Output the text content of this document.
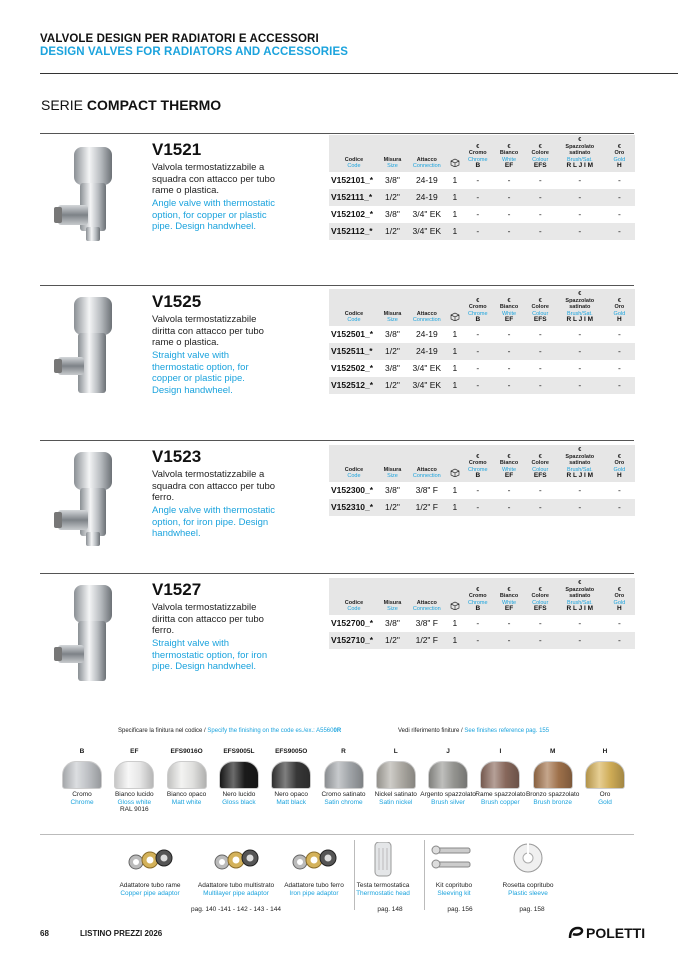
VALVOLE DESIGN PER RADIATORI E ACCESSORI
DESIGN VALVES FOR RADIATORS AND ACCESSORIES
SERIE COMPACT THERMO
V1521
Valvola termostatizzabile a squadra con attacco per tubo rame o plastica.
Angle valve with thermostatic option, for copper or plastic pipe. Design handwheel.
Codice
Code	Misura
Size	Attacco
Connection		€
Cromo
Chrome
B	€
Bianco
White
EF	€
Colore
Colour
EFS	€
Spazzolato satinato
Brush/Sat.
R L J I M	€
Oro
Gold
H

V152101_*	3/8"	24-19	1	-	-	-	-	-
V152111_*	1/2"	24-19	1	-	-	-	-	-
V152102_*	3/8"	3/4" EK	1	-	-	-	-	-
V152112_*	1/2"	3/4" EK	1	-	-	-	-	-
V1525
Valvola termostatizzabile diritta con attacco per tubo rame o plastica.
Straight valve with thermostatic option, for copper or plastic pipe. Design handwheel.
Codice
Code	Misura
Size	Attacco
Connection		€
Cromo
Chrome
B	€
Bianco
White
EF	€
Colore
Colour
EFS	€
Spazzolato satinato
Brush/Sat.
R L J I M	€
Oro
Gold
H

V152501_*	3/8"	24-19	1	-	-	-	-	-
V152511_*	1/2"	24-19	1	-	-	-	-	-
V152502_*	3/8"	3/4" EK	1	-	-	-	-	-
V152512_*	1/2"	3/4" EK	1	-	-	-	-	-
V1523
Valvola termostatizzabile a squadra con attacco per tubo ferro.
Angle valve with thermostatic option, for iron pipe. Design handwheel.
Codice
Code	Misura
Size	Attacco
Connection		€
Cromo
Chrome
B	€
Bianco
White
EF	€
Colore
Colour
EFS	€
Spazzolato satinato
Brush/Sat.
R L J I M	€
Oro
Gold
H

V152300_*	3/8"	3/8" F	1	-	-	-	-	-
V152310_*	1/2"	1/2" F	1	-	-	-	-	-
V1527
Valvola termostatizzabile diritta con attacco per tubo ferro.
Straight valve with thermostatic option, for iron pipe. Design handwheel.
Codice
Code	Misura
Size	Attacco
Connection		€
Cromo
Chrome
B	€
Bianco
White
EF	€
Colore
Colour
EFS	€
Spazzolato satinato
Brush/Sat.
R L J I M	€
Oro
Gold
H

V152700_*	3/8"	3/8" F	1	-	-	-	-	-
V152710_*	1/2"	1/2" F	1	-	-	-	-	-
Specificare la finitura nel codice / Specify the finishing on the code es./ex.: A55600R	Vedi riferimento finiture / See finishes reference pag. 155
B
Cromo
Chrome
EF
Bianco lucido
Gloss white
RAL 9016
EFS9016O
Bianco opaco
Matt white
EFS9005L
Nero lucido
Gloss black
EFS9005O
Nero opaco
Matt black
R
Cromo satinato
Satin chrome
L
Nickel satinato
Satin nickel
J
Argento spazzolato
Brush silver
I
Rame spazzolato
Brush copper
M
Bronzo spazzolato
Brush bronze
H
Oro
Gold
Adattatore tubo rame
Copper pipe adaptor
Adattatore tubo multistrato
Multilayer pipe adaptor
Adattatore tubo ferro
Iron pipe adaptor
Testa termostatica
Thermostatic head
Kit copritubo
Sleeving kit
Rosetta copritubo
Plastic sleeve
pag. 140 -141 - 142 - 143 - 144	pag. 148	pag. 156	pag. 158
68	LISTINO PREZZI 2026	POLETTI
